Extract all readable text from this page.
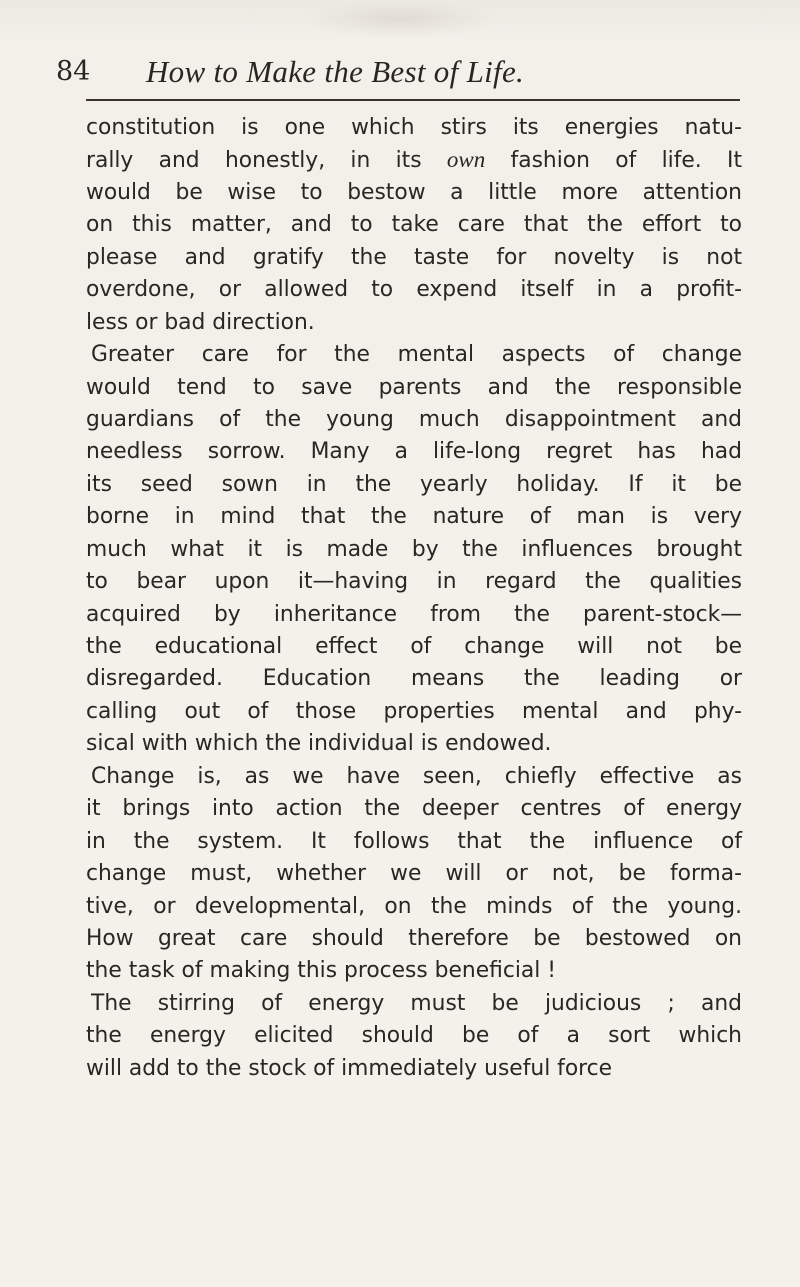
84 How to Make the Best of Life.
constitution is one which stirs its energies natu-
rally and honestly, in its own fashion of life. It
would be wise to bestow a little more attention
on this matter, and to take care that the effort to
please and gratify the taste for novelty is not
overdone, or allowed to expend itself in a profit-
less or bad direction.
Greater care for the mental aspects of change
would tend to save parents and the responsible
guardians of the young much disappointment and
needless sorrow. Many a life-long regret has had
its seed sown in the yearly holiday. If it be
borne in mind that the nature of man is very
much what it is made by the influences brought
to bear upon it—having in regard the qualities
acquired by inheritance from the parent-stock—
the educational effect of change will not be
disregarded. Education means the leading or
calling out of those properties mental and phy-
sical with which the individual is endowed.
Change is, as we have seen, chiefly effective as
it brings into action the deeper centres of energy
in the system. It follows that the influence of
change must, whether we will or not, be forma-
tive, or developmental, on the minds of the young.
How great care should therefore be bestowed on
the task of making this process beneficial !
The stirring of energy must be judicious ; and
the energy elicited should be of a sort which
will add to the stock of immediately useful force
